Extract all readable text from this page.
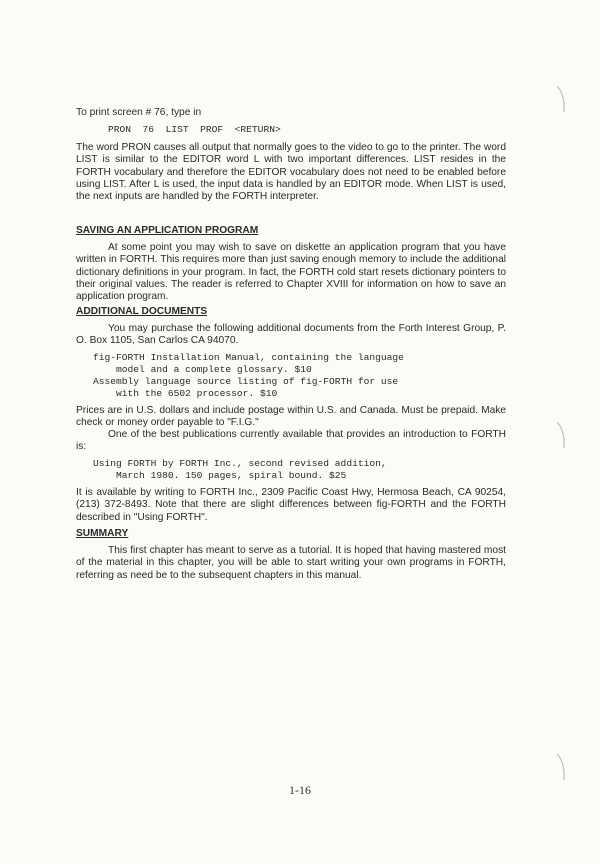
To print screen # 76, type in

PRON  76  LIST  PROF  <RETURN>

The word PRON causes all output that normally goes to the video to go to the printer. The word LIST is similar to the EDITOR word L with two important differences. LIST resides in the FORTH vocabulary and therefore the EDITOR vocabulary does not need to be enabled before using LIST. After L is used, the input data is handled by an EDITOR mode. When LIST is used, the next inputs are handled by the FORTH interpreter.

SAVING AN APPLICATION PROGRAM

At some point you may wish to save on diskette an application program that you have written in FORTH. This requires more than just saving enough memory to include the additional dictionary definitions in your program. In fact, the FORTH cold start resets dictionary pointers to their original values. The reader is referred to Chapter XVIII for information on how to save an application program.

ADDITIONAL DOCUMENTS

You may purchase the following additional documents from the Forth Interest Group, P. O. Box 1105, San Carlos CA 94070.

fig-FORTH Installation Manual, containing the language

model and a complete glossary. $10

Assembly language source listing of fig-FORTH for use

with the 6502 processor. $10

Prices are in U.S. dollars and include postage within U.S. and Canada. Must be prepaid. Make check or money order payable to "F.I.G."

One of the best publications currently available that provides an introduction to FORTH is:

Using FORTH by FORTH Inc., second revised addition,

March 1980. 150 pages, spiral bound. $25

It is available by writing to FORTH Inc., 2309 Pacific Coast Hwy, Hermosa Beach, CA 90254, (213) 372-8493. Note that there are slight differences between fig-FORTH and the FORTH described in "Using FORTH".

SUMMARY

This first chapter has meant to serve as a tutorial. It is hoped that having mastered most of the material in this chapter, you will be able to start writing your own programs in FORTH, referring as need be to the subsequent chapters in this manual.

1-16
